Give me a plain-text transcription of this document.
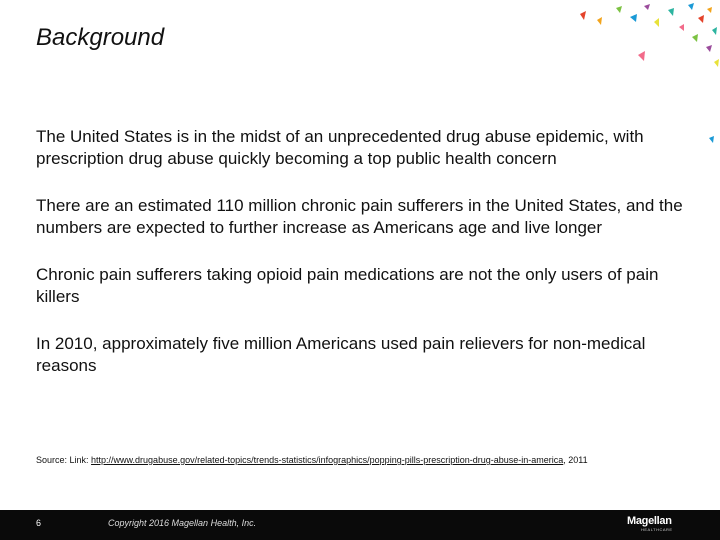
Background

The United States is in the midst of an unprecedented drug abuse epidemic, with prescription drug abuse quickly becoming a top public health concern

There are an estimated 110 million chronic pain sufferers in the United States, and the numbers are expected to further increase as Americans age and live longer

Chronic pain sufferers taking opioid pain medications are not the only users of pain killers

In 2010, approximately five million Americans used pain relievers for non-medical reasons

Source: Link: http://www.drugabuse.gov/related-topics/trends-statistics/infographics/popping-pills-prescription-drug-abuse-in-america, 2011
6	Copyright 2016 Magellan Health, Inc.	Magellan
HEALTHCARE
